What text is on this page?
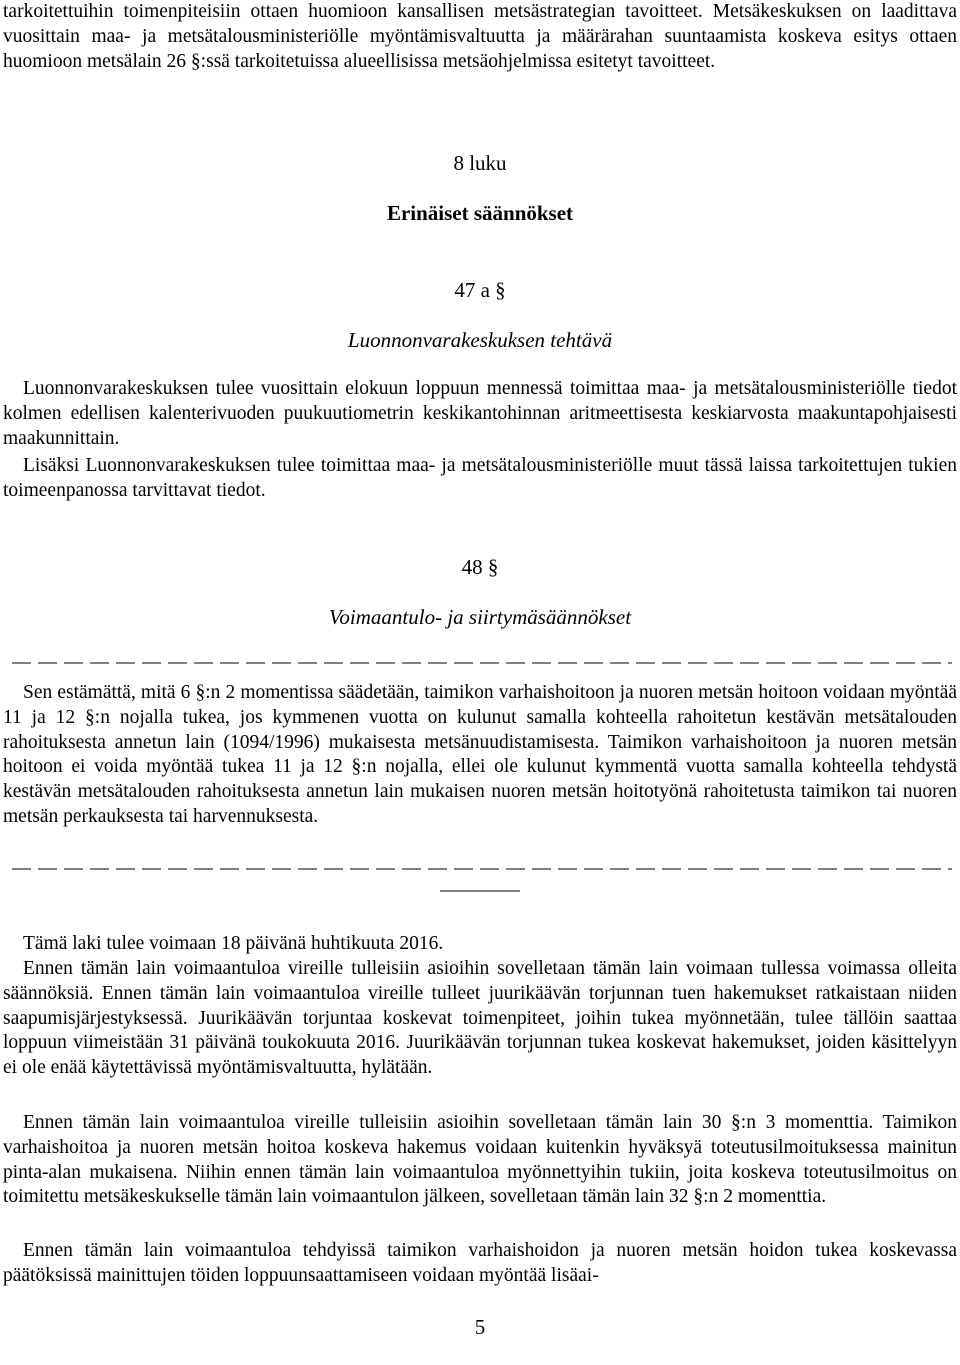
tarkoitettuihin toimenpiteisiin ottaen huomioon kansallisen metsästrategian tavoitteet. Metsäkeskuksen on laadittava vuosittain maa- ja metsätalousministeriölle myöntämisvaltuutta ja määrärahan suuntaamista koskeva esitys ottaen huomioon metsälain 26 §:ssä tarkoitetuissa alueellisissa metsäohjelmissa esitetyt tavoitteet.

8 luku

Erinäiset säännökset

47 a §

Luonnonvarakeskuksen tehtävä

Luonnonvarakeskuksen tulee vuosittain elokuun loppuun mennessä toimittaa maa- ja metsätalousministeriölle tiedot kolmen edellisen kalenterivuoden puukuutiometrin keskikantohinnan aritmeettisesta keskiarvosta maakuntapohjaisesti maakunnittain.

Lisäksi Luonnonvarakeskuksen tulee toimittaa maa- ja metsätalousministeriölle muut tässä laissa tarkoitettujen tukien toimeenpanossa tarvittavat tiedot.

48 §

Voimaantulo- ja siirtymäsäännökset

Sen estämättä, mitä 6 §:n 2 momentissa säädetään, taimikon varhaishoitoon ja nuoren metsän hoitoon voidaan myöntää 11 ja 12 §:n nojalla tukea, jos kymmenen vuotta on kulunut samalla kohteella rahoitetun kestävän metsätalouden rahoituksesta annetun lain (1094/1996) mukaisesta metsänuudistamisesta. Taimikon varhaishoitoon ja nuoren metsän hoitoon ei voida myöntää tukea 11 ja 12 §:n nojalla, ellei ole kulunut kymmentä vuotta samalla kohteella tehdystä kestävän metsätalouden rahoituksesta annetun lain mukaisen nuoren metsän hoitotyönä rahoitetusta taimikon tai nuoren metsän perkauksesta tai harvennuksesta.

Tämä laki tulee voimaan 18 päivänä huhtikuuta 2016.

Ennen tämän lain voimaantuloa vireille tulleisiin asioihin sovelletaan tämän lain voimaan tullessa voimassa olleita säännöksiä. Ennen tämän lain voimaantuloa vireille tulleet juurikäävän torjunnan tuen hakemukset ratkaistaan niiden saapumisjärjestyksessä. Juurikäävän torjuntaa koskevat toimenpiteet, joihin tukea myönnetään, tulee tällöin saattaa loppuun viimeistään 31 päivänä toukokuuta 2016. Juurikäävän torjunnan tukea koskevat hakemukset, joiden käsittelyyn ei ole enää käytettävissä myöntämisvaltuutta, hylätään.

Ennen tämän lain voimaantuloa vireille tulleisiin asioihin sovelletaan tämän lain 30 §:n 3 momenttia. Taimikon varhaishoitoa ja nuoren metsän hoitoa koskeva hakemus voidaan kuitenkin hyväksyä toteutusilmoituksessa mainitun pinta-alan mukaisena. Niihin ennen tämän lain voimaantuloa myönnettyihin tukiin, joita koskeva toteutusilmoitus on toimitettu metsäkeskukselle tämän lain voimaantulon jälkeen, sovelletaan tämän lain 32 §:n 2 momenttia.

Ennen tämän lain voimaantuloa tehdyissä taimikon varhaishoidon ja nuoren metsän hoidon tukea koskevassa päätöksissä mainittujen töiden loppuunsaattamiseen voidaan myöntää lisäai-

5
